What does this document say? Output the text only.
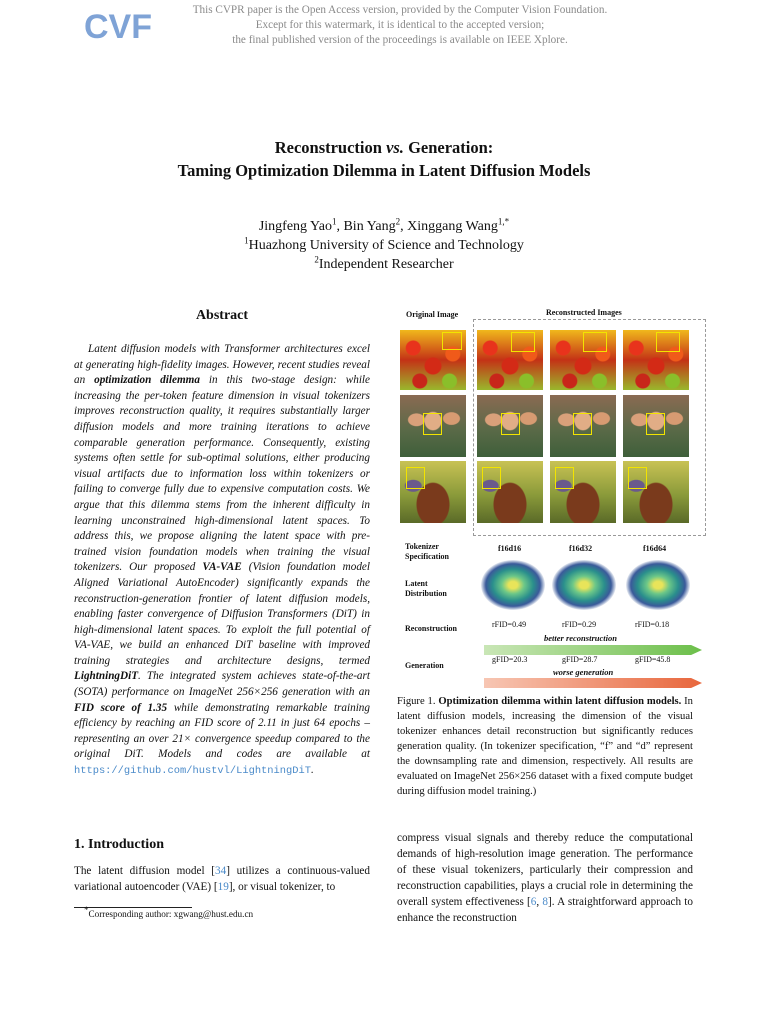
CVF	This CVPR paper is the Open Access version, provided by the Computer Vision Foundation.
Except for this watermark, it is identical to the accepted version;
the final published version of the proceedings is available on IEEE Xplore.
Reconstruction vs. Generation:
Taming Optimization Dilemma in Latent Diffusion Models
Jingfeng Yao$^1$, Bin Yang$^2$, Xinggang Wang$^{1,*}$
$^1$Huazhong University of Science and Technology
$^2$Independent Researcher
Abstract

Latent diffusion models with Transformer architectures excel at generating high-fidelity images. However, recent studies reveal an optimization dilemma in this two-stage design: while increasing the per-token feature dimension in visual tokenizers improves reconstruction quality, it requires substantially larger diffusion models and more training iterations to achieve comparable generation performance. Consequently, existing systems often settle for sub-optimal solutions, either producing visual artifacts due to information loss within tokenizers or failing to converge fully due to expensive computation costs. We argue that this dilemma stems from the inherent difficulty in learning unconstrained high-dimensional latent spaces. To address this, we propose aligning the latent space with pre-trained vision foundation models when training the visual tokenizers. Our proposed VA-VAE (Vision foundation model Aligned Variational AutoEncoder) significantly expands the reconstruction-generation frontier of latent diffusion models, enabling faster convergence of Diffusion Transformers (DiT) in high-dimensional latent spaces. To exploit the full potential of VA-VAE, we build an enhanced DiT baseline with improved training strategies and architecture designs, termed LightningDiT. The integrated system achieves state-of-the-art (SOTA) performance on ImageNet 256×256 generation with an FID score of 1.35 while demonstrating remarkable training efficiency by reaching an FID score of 2.11 in just 64 epochs – representing an over 21× convergence speedup compared to the original DiT. Models and codes are available at https://github.com/hustvl/LightningDiT.

Original Image	Reconstructed Images
Tokenizer Specification
Latent Distribution
Reconstruction
Generation
f16d16	f16d32	f16d64
rFID=0.49	rFID=0.29	rFID=0.18
better reconstruction
gFID=20.3	gFID=28.7	gFID=45.8
worse generation

Figure 1. Optimization dilemma within latent diffusion models. In latent diffusion models, increasing the dimension of the visual tokenizer enhances detail reconstruction but significantly reduces generation quality. (In tokenizer specification, “f” and “d” represent the downsampling rate and dimension, respectively. All results are evaluated on ImageNet 256×256 dataset with a fixed compute budget during diffusion model training.)

1. Introduction

The latent diffusion model [34] utilizes a continuous-valued variational autoencoder (VAE) [19], or visual tokenizer, to

*Corresponding author: xgwang@hust.edu.cn

compress visual signals and thereby reduce the computational demands of high-resolution image generation. The performance of these visual tokenizers, particularly their compression and reconstruction capabilities, plays a crucial role in determining the overall system effectiveness [6, 8]. A straightforward approach to enhance the reconstruction
